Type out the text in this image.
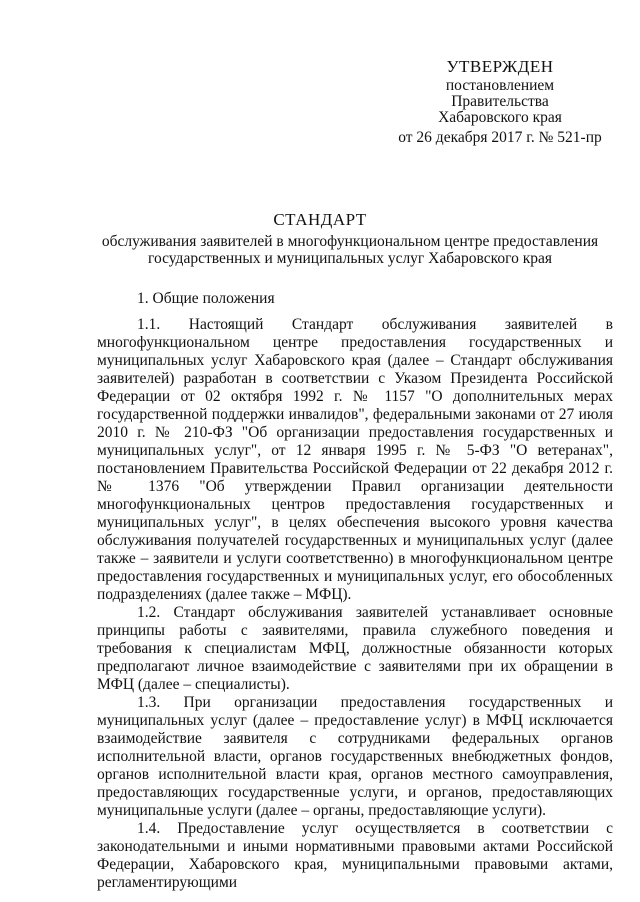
УТВЕРЖДЕН
постановлением
Правительства
Хабаровского края
от 26 декабря 2017 г. № 521-пр
СТАНДАРТ
обслуживания заявителей в многофункциональном центре предоставления
государственных и муниципальных услуг Хабаровского края

1. Общие положения

1.1. Настоящий Стандарт обслуживания заявителей в многофункциональном центре предоставления государственных и муниципальных услуг Хабаровского края (далее – Стандарт обслуживания заявителей) разработан в соответствии с Указом Президента Российской Федерации от 02 октября 1992 г. № 1157 "О дополнительных мерах государственной поддержки инвалидов", федеральными законами от 27 июля 2010 г. № 210-ФЗ "Об организации предоставления государственных и муниципальных услуг", от 12 января 1995 г. № 5-ФЗ "О ветеранах", постановлением Правительства Российской Федерации от 22 декабря 2012 г. № 1376 "Об утверждении Правил организации деятельности многофункциональных центров предоставления государственных и муниципальных услуг", в целях обеспечения высокого уровня качества обслуживания получателей государственных и муниципальных услуг (далее также – заявители и услуги соответственно) в многофункциональном центре предоставления государственных и муниципальных услуг, его обособленных подразделениях (далее также – МФЦ).

1.2. Стандарт обслуживания заявителей устанавливает основные принципы работы с заявителями, правила служебного поведения и требования к специалистам МФЦ, должностные обязанности которых предполагают личное взаимодействие с заявителями при их обращении в МФЦ (далее – специалисты).

1.3. При организации предоставления государственных и муниципальных услуг (далее – предоставление услуг) в МФЦ исключается взаимодействие заявителя с сотрудниками федеральных органов исполнительной власти, органов государственных внебюджетных фондов, органов исполнительной власти края, органов местного самоуправления, предоставляющих государственные услуги, и органов, предоставляющих муниципальные услуги (далее – органы, предоставляющие услуги).

1.4. Предоставление услуг осуществляется в соответствии с законодательными и иными нормативными правовыми актами Российской Федерации, Хабаровского края, муниципальными правовыми актами, регламентирующими
